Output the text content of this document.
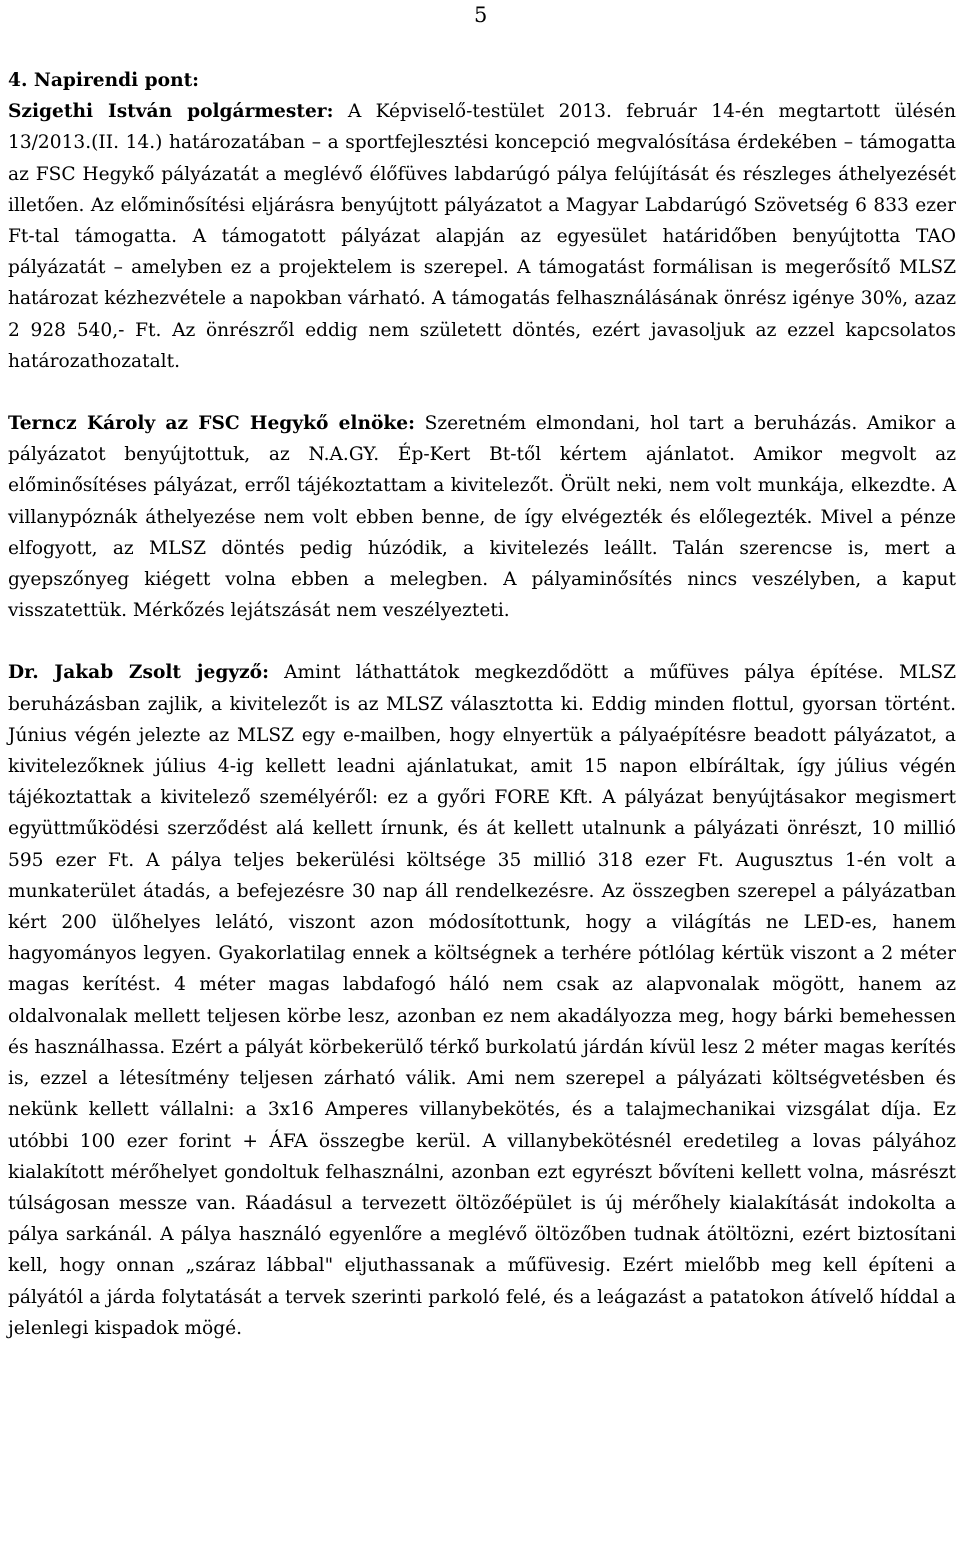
5

4. Napirendi pont:

Szigethi István polgármester: A Képviselő-testület 2013. február 14-én megtartott ülésén 13/2013.(II. 14.) határozatában – a sportfejlesztési koncepció megvalósítása érdekében – támogatta az FSC Hegykő pályázatát a meglévő élőfüves labdarúgó pálya felújítását és részleges áthelyezését illetően. Az előminősítési eljárásra benyújtott pályázatot a Magyar Labdarúgó Szövetség 6 833 ezer Ft-tal támogatta. A támogatott pályázat alapján az egyesület határidőben benyújtotta TAO pályázatát – amelyben ez a projektelem is szerepel. A támogatást formálisan is megerősítő MLSZ határozat kézhezvétele a napokban várható. A támogatás felhasználásának önrész igénye 30%, azaz 2 928 540,- Ft. Az önrészről eddig nem született döntés, ezért javasoljuk az ezzel kapcsolatos határozathozatalt.

Terncz Károly az FSC Hegykő elnöke: Szeretném elmondani, hol tart a beruházás. Amikor a pályázatot benyújtottuk, az N.A.GY. Ép-Kert Bt-től kértem ajánlatot. Amikor megvolt az előminősítéses pályázat, erről tájékoztattam a kivitelezőt. Örült neki, nem volt munkája, elkezdte. A villanypóznák áthelyezése nem volt ebben benne, de így elvégezték és előlegezték. Mivel a pénze elfogyott, az MLSZ döntés pedig húzódik, a kivitelezés leállt. Talán szerencse is, mert a gyepszőnyeg kiégett volna ebben a melegben. A pályaminősítés nincs veszélyben, a kaput visszatettük. Mérkőzés lejátszását nem veszélyezteti.

Dr. Jakab Zsolt jegyző: Amint láthattátok megkezdődött a műfüves pálya építése. MLSZ beruházásban zajlik, a kivitelezőt is az MLSZ választotta ki. Eddig minden flottul, gyorsan történt. Június végén jelezte az MLSZ egy e-mailben, hogy elnyertük a pályaépítésre beadott pályázatot, a kivitelezőknek július 4-ig kellett leadni ajánlatukat, amit 15 napon elbíráltak, így július végén tájékoztattak a kivitelező személyéről: ez a győri FORE Kft. A pályázat benyújtásakor megismert együttműködési szerződést alá kellett írnunk, és át kellett utalnunk a pályázati önrészt, 10 millió 595 ezer Ft. A pálya teljes bekerülési költsége 35 millió 318 ezer Ft. Augusztus 1-én volt a munkaterület átadás, a befejezésre 30 nap áll rendelkezésre. Az összegben szerepel a pályázatban kért 200 ülőhelyes lelátó, viszont azon módosítottunk, hogy a világítás ne LED-es, hanem hagyományos legyen. Gyakorlatilag ennek a költségnek a terhére pótlólag kértük viszont a 2 méter magas kerítést. 4 méter magas labdafogó háló nem csak az alapvonalak mögött, hanem az oldalvonalak mellett teljesen körbe lesz, azonban ez nem akadályozza meg, hogy bárki bemehessen és használhassa. Ezért a pályát körbekerülő térkő burkolatú járdán kívül lesz 2 méter magas kerítés is, ezzel a létesítmény teljesen zárható válik. Ami nem szerepel a pályázati költségvetésben és nekünk kellett vállalni: a 3x16 Amperes villanybekötés, és a talajmechanikai vizsgálat díja. Ez utóbbi 100 ezer forint + ÁFA összegbe kerül. A villanybekötésnél eredetileg a lovas pályához kialakított mérőhelyet gondoltuk felhasználni, azonban ezt egyrészt bővíteni kellett volna, másrészt túlságosan messze van. Ráadásul a tervezett öltözőépület is új mérőhely kialakítását indokolta a pálya sarkánál. A pálya használó egyenlőre a meglévő öltözőben tudnak átöltözni, ezért biztosítani kell, hogy onnan „száraz lábbal" eljuthassanak a műfüvesig. Ezért mielőbb meg kell építeni a pályától a járda folytatását a tervek szerinti parkoló felé, és a leágazást a patatokon átívelő híddal a jelenlegi kispadok mögé.
